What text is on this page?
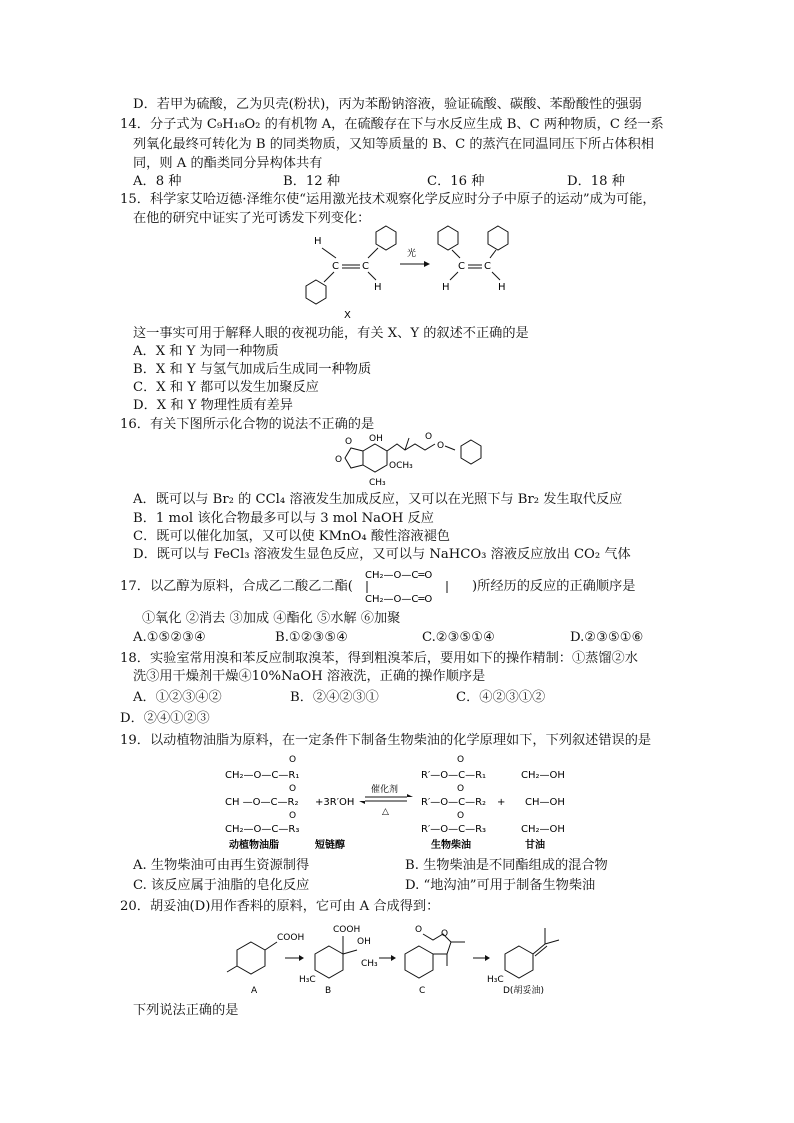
D．若甲为硫酸，乙为贝壳(粉状)，丙为苯酚钠溶液，验证硫酸、碳酸、苯酚酸性的强弱
14．分子式为 C₉H₁₈O₂ 的有机物 A，在硫酸存在下与水反应生成 B、C 两种物质，C 经一系
列氧化最终可转化为 B 的同类物质，又知等质量的 B、C 的蒸汽在同温同压下所占体积相
同，则 A 的酯类同分异构体共有
A．8 种	B．12 种	C．16 种	D．18 种
15．科学家艾哈迈德·泽维尔使“运用激光技术观察化学反应时分子中原子的运动”成为可能，
在他的研究中证实了光可诱发下列变化：
H
C C
H
X
光
C C
H	H
这一事实可用于解释人眼的夜视功能，有关 X、Y 的叙述不正确的是
A．X 和 Y 为同一种物质
B．X 和 Y 与氢气加成后生成同一种物质
C．X 和 Y 都可以发生加聚反应
D．X 和 Y 物理性质有差异
16．有关下图所示化合物的说法不正确的是
O
O OH
OCH₃
CH₃
O
O
A．既可以与 Br₂ 的 CCl₄ 溶液发生加成反应，又可以在光照下与 Br₂ 发生取代反应
B．1 mol 该化合物最多可以与 3 mol NaOH 反应
C．既可以催化加氢，又可以使 KMnO₄ 酸性溶液褪色
D．既可以与 FeCl₃ 溶液发生显色反应，又可以与 NaHCO₃ 溶液反应放出 CO₂ 气体
17．以乙醇为原料，合成乙二酸乙二酯(
CH₂—O—C═O
CH₂—O—C═O
)所经历的反应的正确顺序是
①氧化 ②消去 ③加成 ④酯化 ⑤水解 ⑥加聚
A.①⑤②③④	B.①②③⑤④	C.②③⑤①④	D.②③⑤①⑥
18．实验室常用溴和苯反应制取溴苯，得到粗溴苯后，要用如下的操作精制：①蒸馏②水
洗③用干燥剂干燥④10%NaOH 溶液洗，正确的操作顺序是
A．①②③④②	B．②④②③①	C．④②③①②
D．②④①②③
19．以动植物油脂为原料，在一定条件下制备生物柴油的化学原理如下，下列叙述错误的是
O
CH₂—O—C—R₁
O
CH —O—C—R₂
O
CH₂—O—C—R₃
+3R′OH
催化剂
△
O
R′—O—C—R₁
O
R′—O—C—R₂
O
R′—O—C—R₃
+
CH₂—OH
CH—OH
CH₂—OH
动植物油脂	短链醇	生物柴油	甘油
A. 生物柴油可由再生资源制得	B. 生物柴油是不同酯组成的混合物
C. 该反应属于油脂的皂化反应	D. “地沟油”可用于制备生物柴油
20．胡妥油(D)用作香料的原料，它可由 A 合成得到：
COOH
A
COOH
OH
CH₃
H₃C
B
O O
C
H₃C
D(胡妥油)
下列说法正确的是
